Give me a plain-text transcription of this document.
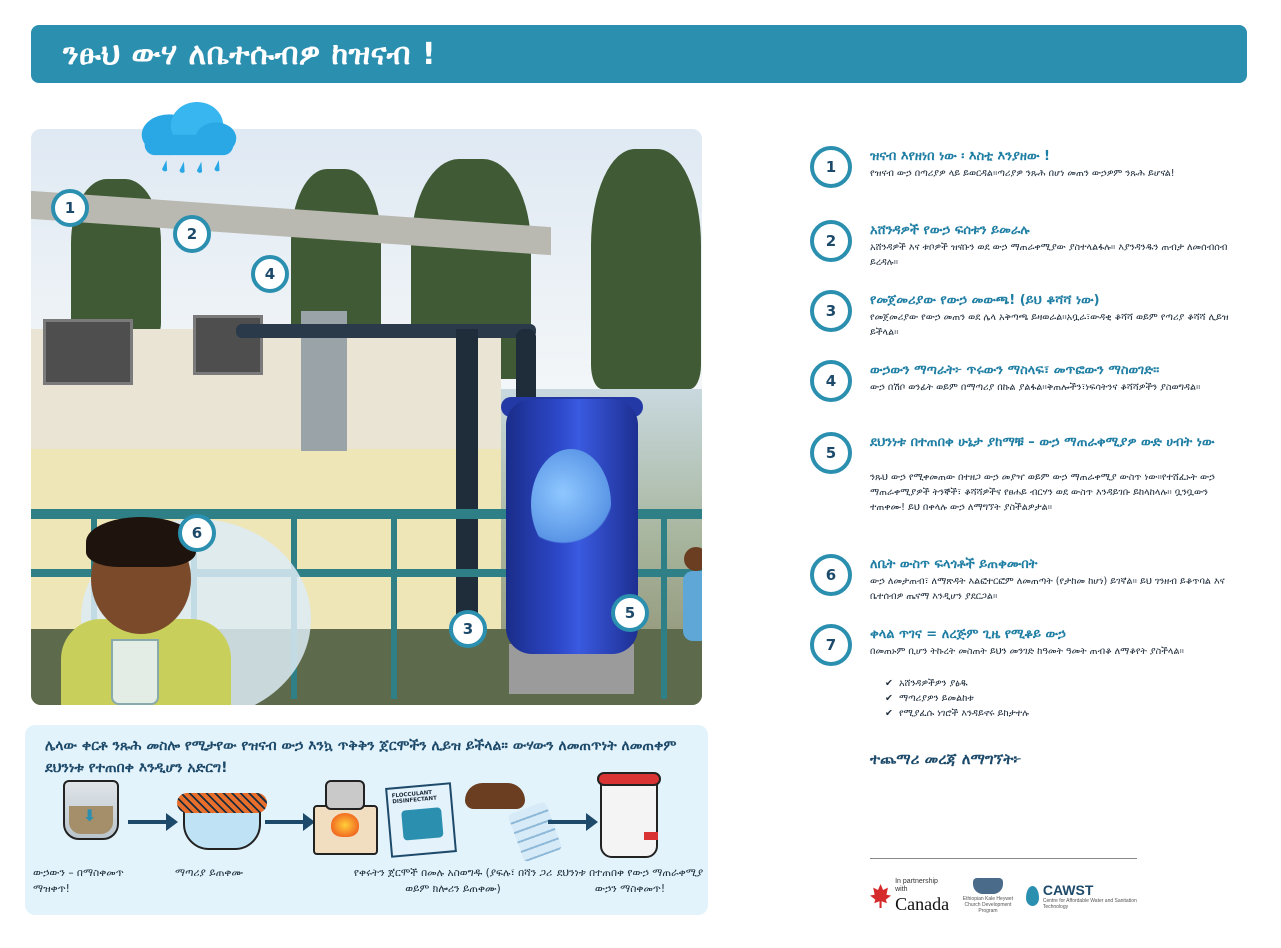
ንፁህ ውሃ ለቤተሱብዎ ከዝናብ !
1
2
4
6
3
5
1
ዝናብ እየዘነበ ነው ፡ እስቲ እንያዘው !
የዝናብ ውኃ በጣሪያዎ ላይ ይወርዳል።ጣሪያዎ ንጹሕ በሆነ መጠን ውኃዎም ንጹሕ ይሆናል!
2
አሸንዳዎች የውኃ ፍሰቱን ይመራሉ
አሸንዳዎች እና ቱቦዎች ዝናቡን ወደ ውኃ ማጠራቀሚያው ያስተላልፋሉ። እያንዳንዱን ጠብታ ለመሰብሰብ ይረዳሉ።
3
የመጀመሪያው የውኃ መውጫ! (ይህ ቆሻሻ ነው)
የመጀመሪያው የውኃ መጠን ወደ ሌላ አቅጣጫ ይዛወራል።አቧራ፣ውዳቂ ቆሻሻ ወይም የጣሪያ ቆሻሻ ሊይዝ ይችላል።
4
ውኃውን ማጣራት፦ ጥሩውን ማስላፍ፣ መጥፎውን ማስወገድ።
ውኃ በሽቦ ወንፊት ወይም በማጣሪያ በኩል ያልፋል።ቅጠሎችን፣ነፍሳትንና ቆሻሻዎችን ያስወግዳል።
5
ደህንነቱ በተጠበቀ ሁኔታ ያከማቹ – ውኃ ማጠራቀሚያዎ ውድ ሀብት ነው
ንጹህ ውኃ የሚቀመጠው በተዘጋ ውኃ መያዣ ወይም ውኃ ማጠራቀሚያ ውስጥ ነው።የተሸፈኑት ውኃ ማጠራቀሚያዎች ትንኞች፣ ቆሻሻዎችና የፀሐይ ብርሃን ወደ ውስጥ እንዳይገቡ ይከላከላሉ። ቧንቧውን ተጠቀሙ! ይህ በቀላሉ ውኃ ለማግኘት ያስችልዎታል።
6
ለቤት ውስጥ ፍላጎቶች ይጠቀሙበት
ውኃ ለመታጠብ፣ ለማጽዳት እልፎተርፎም ለመጠጣት (የታከመ ከሆነ) ይገኛል። ይህ ገንዘብ ይቆጥባል እና ቤተሰብዎ ጤናማ እንዲሆን ያደርጋል።
7
ቀላል ጥገና = ለረጅም ጊዜ የሚቆይ ውኃ
በመጠኑም ቢሆን ትኩረት መስጠት ይህን መንገድ ከዓመት ዓመት ጠብቆ ለማቆየት ያስችላል።
✔ አሸንዳዎችዎን ያፅዱ
✔ ማጣሪያዎን ይመልከቱ
✔ የሚያፈሱ ነገሮች እንዳይኖሩ ይከታተሉ
ተጨማሪ መረጃ ለማግኘት፦
In partnership with
Canada	Ethiopian Kale Heywet Church Development Program
CAWST
Centre for Affordable Water and Sanitation Technology
ሌላው ቀርቶ ንጹሕ መስሎ የሚታየው የዝናብ ውኃ እንኳ ጥቅቅን ጀርሞችን ሊይዝ ይችላል። ውሃውን ለመጠጥነት ለመጠቀም ደህንነቱ የተጠበቀ እንዲሆን አድርግ!
⬇
FLOCCULANT DISINFECTANT
ውኃውን – በማስቀመጥ ማዝቀጥ!
ማጣሪያ ይጠቀሙ	የቀሩትን ጀርሞች በመሉ አስወግዱ (ያፍሉ፣ በሻን ጋሪ ወይም ክሎሪን ይጠቀሙ)
ደህንነቱ በተጠበቀ የውኃ ማጠራቀሚያ ውኃን ማስቀመጥ!
